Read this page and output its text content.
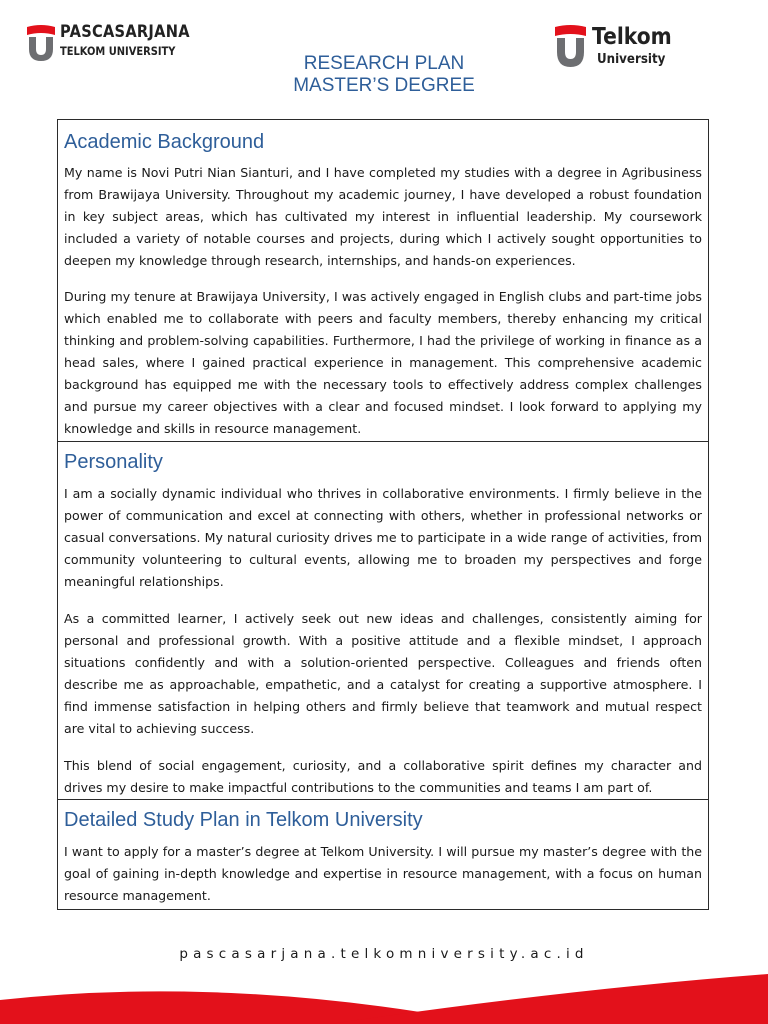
PASCASARJANA
TELKOM UNIVERSITY
Telkom
University
RESEARCH PLAN
MASTER’S DEGREE
Academic Background

My name is Novi Putri Nian Sianturi, and I have completed my studies with a degree in Agribusiness from Brawijaya University. Throughout my academic journey, I have developed a robust foundation in key subject areas, which has cultivated my interest in influential leadership. My coursework included a variety of notable courses and projects, during which I actively sought opportunities to deepen my knowledge through research, internships, and hands-on experiences.

During my tenure at Brawijaya University, I was actively engaged in English clubs and part-time jobs which enabled me to collaborate with peers and faculty members, thereby enhancing my critical thinking and problem-solving capabilities. Furthermore, I had the privilege of working in finance as a head sales, where I gained practical experience in management. This comprehensive academic background has equipped me with the necessary tools to effectively address complex challenges and pursue my career objectives with a clear and focused mindset. I look forward to applying my knowledge and skills in resource management.

Personality

I am a socially dynamic individual who thrives in collaborative environments. I firmly believe in the power of communication and excel at connecting with others, whether in professional networks or casual conversations. My natural curiosity drives me to participate in a wide range of activities, from community volunteering to cultural events, allowing me to broaden my perspectives and forge meaningful relationships.

As a committed learner, I actively seek out new ideas and challenges, consistently aiming for personal and professional growth. With a positive attitude and a flexible mindset, I approach situations confidently and with a solution-oriented perspective. Colleagues and friends often describe me as approachable, empathetic, and a catalyst for creating a supportive atmosphere. I find immense satisfaction in helping others and firmly believe that teamwork and mutual respect are vital to achieving success.

This blend of social engagement, curiosity, and a collaborative spirit defines my character and drives my desire to make impactful contributions to the communities and teams I am part of.

Detailed Study Plan in Telkom University

I want to apply for a master’s degree at Telkom University. I will pursue my master’s degree with the goal of gaining in-depth knowledge and expertise in resource management, with a focus on human resource management.

pascasarjana.telkomniversity.ac.id
